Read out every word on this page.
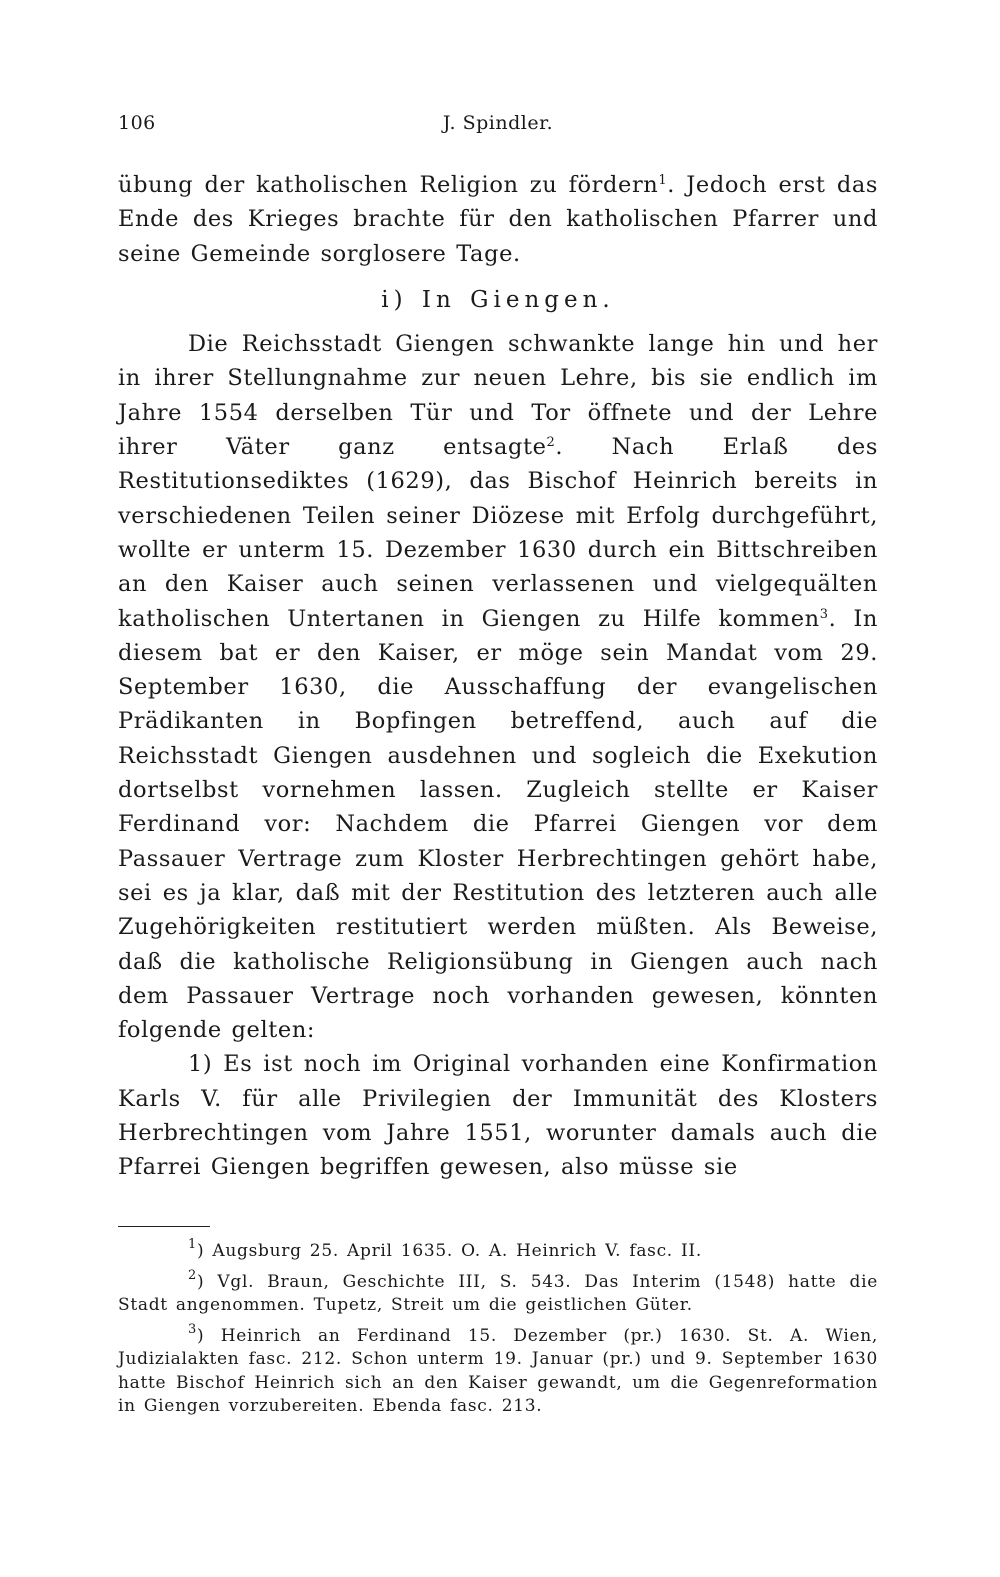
106	J. Spindler.

übung der katholischen Religion zu fördern$^1$. Jedoch erst das Ende des Krieges brachte für den katholischen Pfarrer und seine Gemeinde sorglosere Tage.

i) In Giengen.

Die Reichsstadt Giengen schwankte lange hin und her in ihrer Stellungnahme zur neuen Lehre, bis sie endlich im Jahre 1554 derselben Tür und Tor öffnete und der Lehre ihrer Väter ganz entsagte$^2$. Nach Erlaß des Restitutionsediktes (1629), das Bischof Heinrich bereits in verschiedenen Teilen seiner Diözese mit Erfolg durchgeführt, wollte er unterm 15. Dezember 1630 durch ein Bittschreiben an den Kaiser auch seinen verlassenen und vielgequälten katholischen Untertanen in Giengen zu Hilfe kommen$^3$. In diesem bat er den Kaiser, er möge sein Mandat vom 29. September 1630, die Ausschaffung der evangelischen Prädikanten in Bopfingen betreffend, auch auf die Reichsstadt Giengen ausdehnen und sogleich die Exekution dortselbst vornehmen lassen. Zugleich stellte er Kaiser Ferdinand vor: Nachdem die Pfarrei Giengen vor dem Passauer Vertrage zum Kloster Herbrechtingen gehört habe, sei es ja klar, daß mit der Restitution des letzteren auch alle Zugehörigkeiten restitutiert werden müßten. Als Beweise, daß die katholische Religionsübung in Giengen auch nach dem Passauer Vertrage noch vorhanden gewesen, könnten folgende gelten:

1) Es ist noch im Original vorhanden eine Konfirmation Karls V. für alle Privilegien der Immunität des Klosters Herbrechtingen vom Jahre 1551, worunter damals auch die Pfarrei Giengen begriffen gewesen, also müsse sie

$^1$) Augsburg 25. April 1635. O. A. Heinrich V. fasc. II.

$^2$) Vgl. Braun, Geschichte III, S. 543. Das Interim (1548) hatte die Stadt angenommen. Tupetz, Streit um die geistlichen Güter.

$^3$) Heinrich an Ferdinand 15. Dezember (pr.) 1630. St. A. Wien, Judizialakten fasc. 212. Schon unterm 19. Januar (pr.) und 9. September 1630 hatte Bischof Heinrich sich an den Kaiser gewandt, um die Gegenreformation in Giengen vorzubereiten. Ebenda fasc. 213.
